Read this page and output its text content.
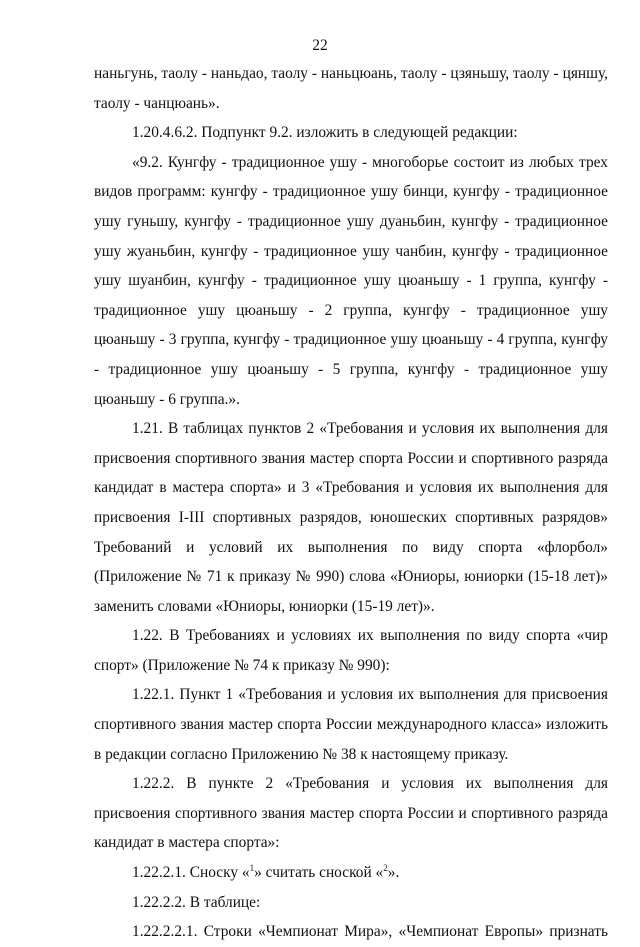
22

наньгунь, таолу - наньдао, таолу - наньцюань, таолу - цзяньшу, таолу - цяншу, таолу - чанцюань».

1.20.4.6.2. Подпункт 9.2. изложить в следующей редакции:

«9.2. Кунгфу - традиционное ушу - многоборье состоит из любых трех видов программ: кунгфу - традиционное ушу бинци, кунгфу - традиционное ушу гуньшу, кунгфу - традиционное ушу дуаньбин, кунгфу - традиционное ушу жуаньбин, кунгфу - традиционное ушу чанбин, кунгфу - традиционное ушу шуанбин, кунгфу - традиционное ушу цюаньшу - 1 группа, кунгфу - традиционное ушу цюаньшу - 2 группа, кунгфу - традиционное ушу цюаньшу - 3 группа, кунгфу - традиционное ушу цюаньшу - 4 группа, кунгфу - традиционное ушу цюаньшу - 5 группа, кунгфу - традиционное ушу цюаньшу - 6 группа.».

1.21. В таблицах пунктов 2 «Требования и условия их выполнения для присвоения спортивного звания мастер спорта России и спортивного разряда кандидат в мастера спорта» и 3 «Требования и условия их выполнения для присвоения I-III спортивных разрядов, юношеских спортивных разрядов» Требований и условий их выполнения по виду спорта «флорбол» (Приложение № 71 к приказу № 990) слова «Юниоры, юниорки (15-18 лет)» заменить словами «Юниоры, юниорки (15-19 лет)».

1.22. В Требованиях и условиях их выполнения по виду спорта «чир спорт» (Приложение № 74 к приказу № 990):

1.22.1. Пункт 1 «Требования и условия их выполнения для присвоения спортивного звания мастер спорта России международного класса» изложить в редакции согласно Приложению № 38 к настоящему приказу.

1.22.2. В пункте 2 «Требования и условия их выполнения для присвоения спортивного звания мастер спорта России и спортивного разряда кандидат в мастера спорта»:

1.22.2.1. Сноску «$^1$» считать сноской «$^2$».

1.22.2.2. В таблице:

1.22.2.2.1. Строки «Чемпионат Мира», «Чемпионат Европы» признать
